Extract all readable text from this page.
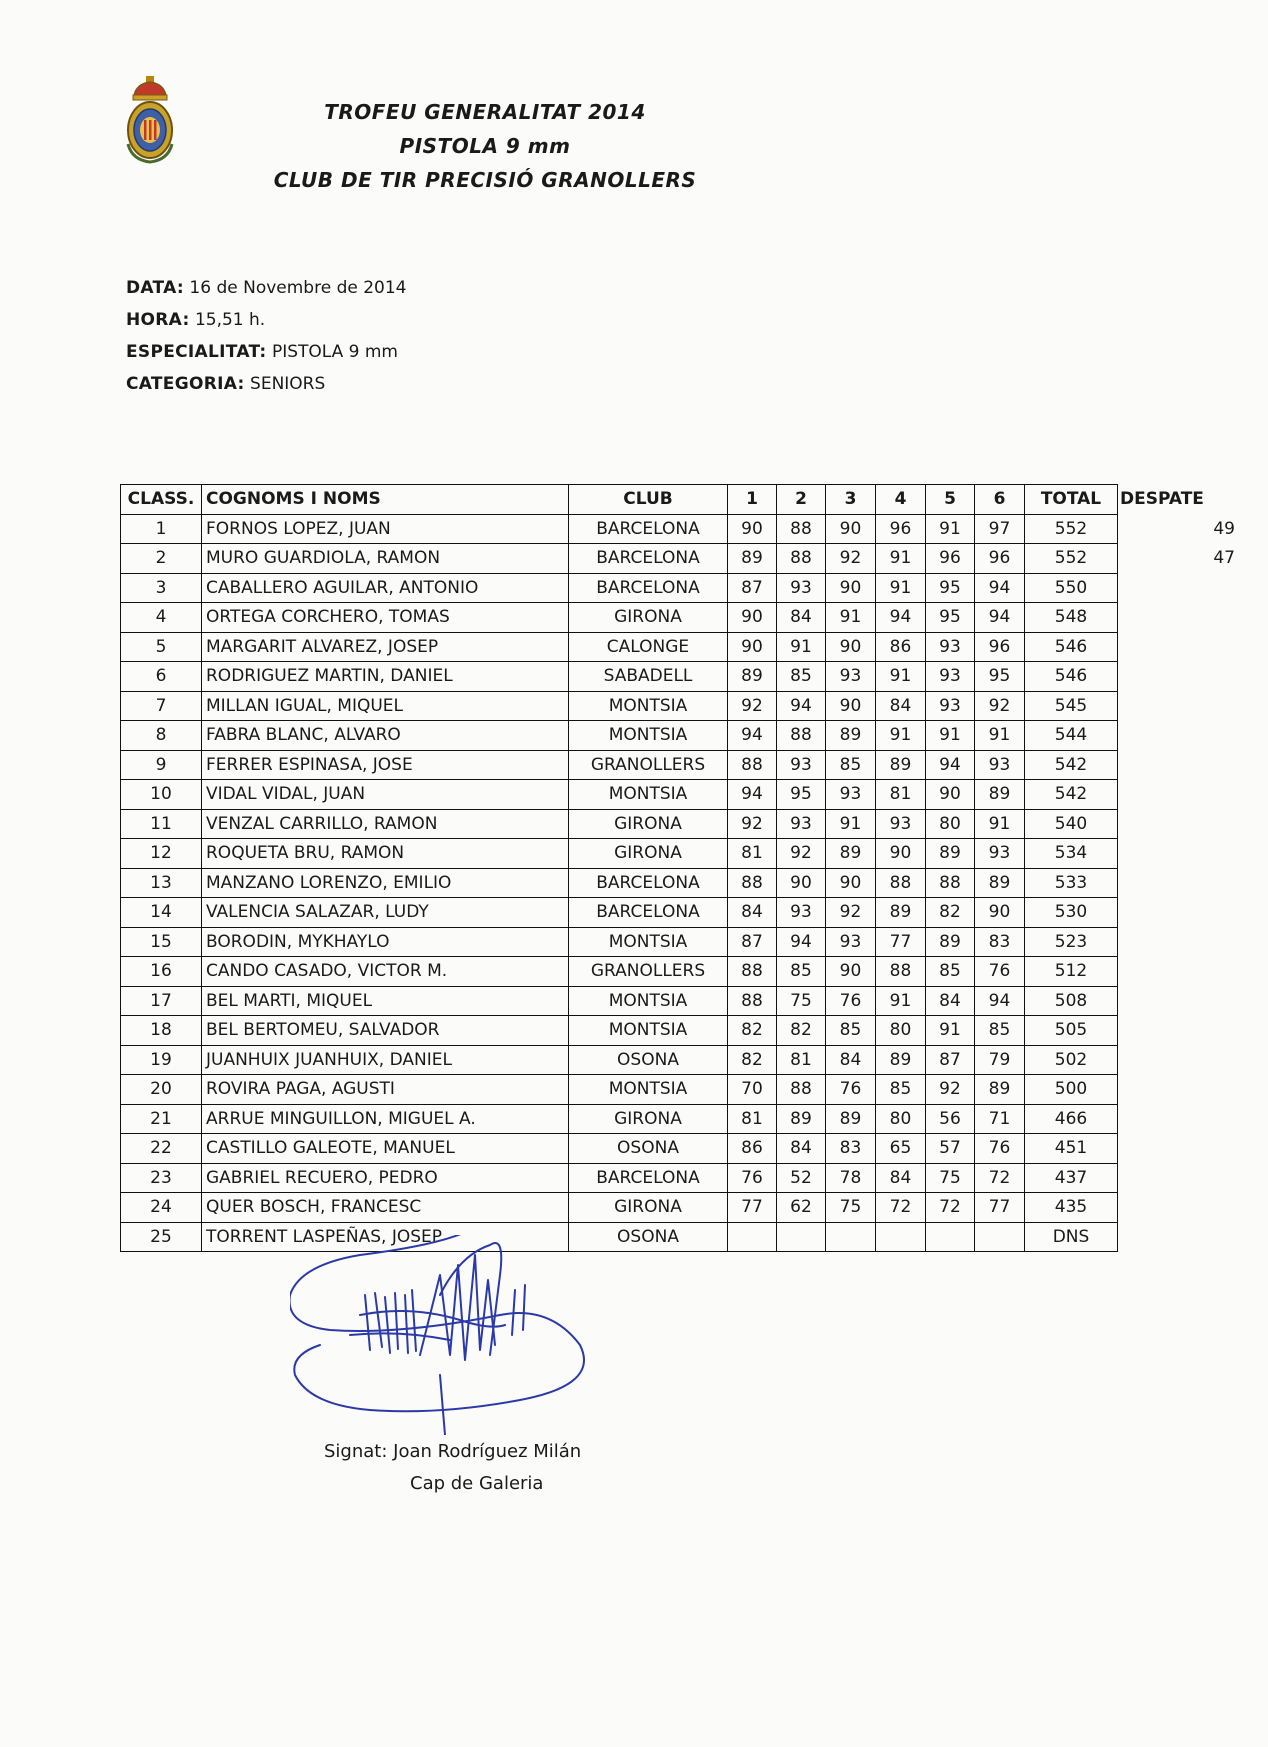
TROFEU GENERALITAT 2014
PISTOLA 9 mm
CLUB DE TIR PRECISIÓ GRANOLLERS
DATA: 16 de Novembre de 2014
HORA: 15,51 h.
ESPECIALITAT: PISTOLA 9 mm
CATEGORIA: SENIORS
CLASS.	COGNOMS I NOMS	CLUB	1	2	3	4	5	6	TOTAL	DESPATE
1	FORNOS LOPEZ, JUAN	BARCELONA	90	88	90	96	91	97	552	49
2	MURO GUARDIOLA, RAMON	BARCELONA	89	88	92	91	96	96	552	47
3	CABALLERO AGUILAR, ANTONIO	BARCELONA	87	93	90	91	95	94	550	
4	ORTEGA CORCHERO, TOMAS	GIRONA	90	84	91	94	95	94	548	
5	MARGARIT ALVAREZ, JOSEP	CALONGE	90	91	90	86	93	96	546	
6	RODRIGUEZ MARTIN, DANIEL	SABADELL	89	85	93	91	93	95	546	
7	MILLAN IGUAL, MIQUEL	MONTSIA	92	94	90	84	93	92	545	
8	FABRA BLANC, ALVARO	MONTSIA	94	88	89	91	91	91	544	
9	FERRER ESPINASA, JOSE	GRANOLLERS	88	93	85	89	94	93	542	
10	VIDAL VIDAL, JUAN	MONTSIA	94	95	93	81	90	89	542	
11	VENZAL CARRILLO, RAMON	GIRONA	92	93	91	93	80	91	540	
12	ROQUETA BRU, RAMON	GIRONA	81	92	89	90	89	93	534	
13	MANZANO LORENZO, EMILIO	BARCELONA	88	90	90	88	88	89	533	
14	VALENCIA SALAZAR, LUDY	BARCELONA	84	93	92	89	82	90	530	
15	BORODIN, MYKHAYLO	MONTSIA	87	94	93	77	89	83	523	
16	CANDO CASADO, VICTOR M.	GRANOLLERS	88	85	90	88	85	76	512	
17	BEL MARTI, MIQUEL	MONTSIA	88	75	76	91	84	94	508	
18	BEL BERTOMEU, SALVADOR	MONTSIA	82	82	85	80	91	85	505	
19	JUANHUIX JUANHUIX, DANIEL	OSONA	82	81	84	89	87	79	502	
20	ROVIRA PAGA, AGUSTI	MONTSIA	70	88	76	85	92	89	500	
21	ARRUE MINGUILLON, MIGUEL A.	GIRONA	81	89	89	80	56	71	466	
22	CASTILLO GALEOTE, MANUEL	OSONA	86	84	83	65	57	76	451	
23	GABRIEL RECUERO, PEDRO	BARCELONA	76	52	78	84	75	72	437	
24	QUER BOSCH, FRANCESC	GIRONA	77	62	75	72	72	77	435	
25	TORRENT LASPEÑAS, JOSEP	OSONA							DNS	
Signat: Joan Rodríguez Milán
Cap de Galeria
